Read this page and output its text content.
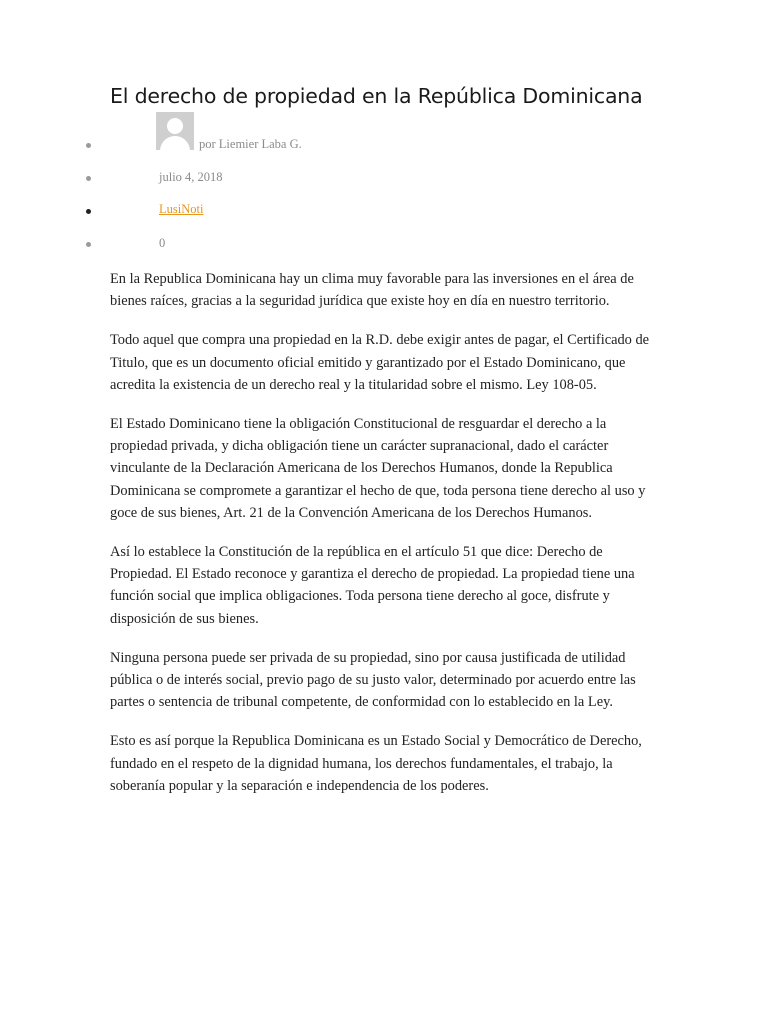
El derecho de propiedad en la República Dominicana
por Liemier Laba G.
julio 4, 2018
LusiNoti
0

En la Republica Dominicana hay un clima muy favorable para las inversiones en el área de bienes raíces, gracias a la seguridad jurídica que existe hoy en día en nuestro territorio.

Todo aquel que compra una propiedad en la R.D. debe exigir antes de pagar, el Certificado de Titulo, que es un documento oficial emitido y garantizado por el Estado Dominicano, que acredita la existencia de un derecho real y la titularidad sobre el mismo. Ley 108-05.

El Estado Dominicano tiene la obligación Constitucional de resguardar el derecho a la propiedad privada, y dicha obligación tiene un carácter supranacional, dado el carácter vinculante de la Declaración Americana de los Derechos Humanos, donde la Republica Dominicana se compromete a garantizar el hecho de que, toda persona tiene derecho al uso y goce de sus bienes, Art. 21 de la Convención Americana de los Derechos Humanos.

Así lo establece la Constitución de la república en el artículo 51 que dice: Derecho de Propiedad. El Estado reconoce y garantiza el derecho de propiedad. La propiedad tiene una función social que implica obligaciones. Toda persona tiene derecho al goce, disfrute y disposición de sus bienes.

Ninguna persona puede ser privada de su propiedad, sino por causa justificada de utilidad pública o de interés social, previo pago de su justo valor, determinado por acuerdo entre las partes o sentencia de tribunal competente, de conformidad con lo establecido en la Ley.

Esto es así porque la Republica Dominicana es un Estado Social y Democrático de Derecho, fundado en el respeto de la dignidad humana, los derechos fundamentales, el trabajo, la soberanía popular y la separación e independencia de los poderes.
